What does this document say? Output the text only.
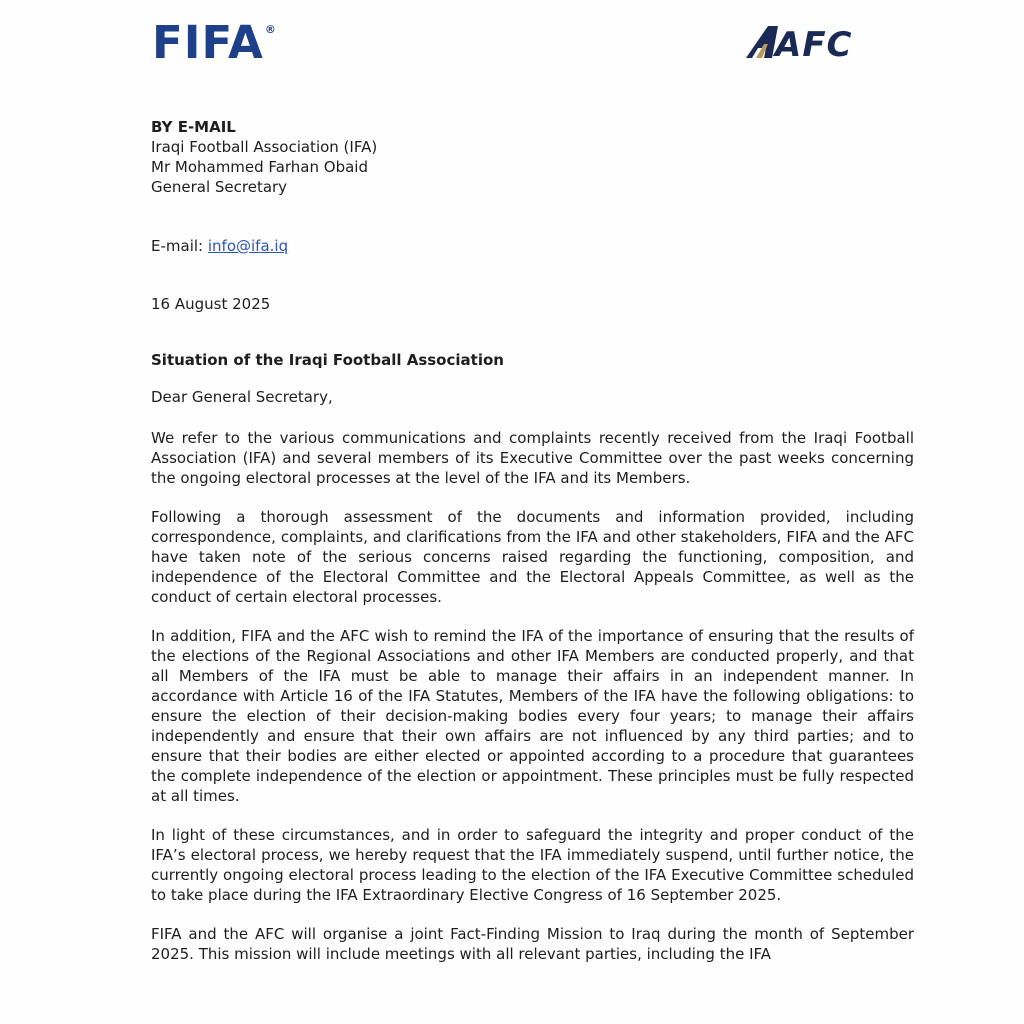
FIFA®	AFC
BY E-MAIL
Iraqi Football Association (IFA)
Mr Mohammed Farhan Obaid
General Secretary
E-mail: info@ifa.iq
16 August 2025
Situation of the Iraqi Football Association
Dear General Secretary,

We refer to the various communications and complaints recently received from the Iraqi Football Association (IFA) and several members of its Executive Committee over the past weeks concerning the ongoing electoral processes at the level of the IFA and its Members.

Following a thorough assessment of the documents and information provided, including correspondence, complaints, and clarifications from the IFA and other stakeholders, FIFA and the AFC have taken note of the serious concerns raised regarding the functioning, composition, and independence of the Electoral Committee and the Electoral Appeals Committee, as well as the conduct of certain electoral processes.

In addition, FIFA and the AFC wish to remind the IFA of the importance of ensuring that the results of the elections of the Regional Associations and other IFA Members are conducted properly, and that all Members of the IFA must be able to manage their affairs in an independent manner. In accordance with Article 16 of the IFA Statutes, Members of the IFA have the following obligations: to ensure the election of their decision-making bodies every four years; to manage their affairs independently and ensure that their own affairs are not influenced by any third parties; and to ensure that their bodies are either elected or appointed according to a procedure that guarantees the complete independence of the election or appointment. These principles must be fully respected at all times.

In light of these circumstances, and in order to safeguard the integrity and proper conduct of the IFA’s electoral process, we hereby request that the IFA immediately suspend, until further notice, the currently ongoing electoral process leading to the election of the IFA Executive Committee scheduled to take place during the IFA Extraordinary Elective Congress of 16 September 2025.

FIFA and the AFC will organise a joint Fact-Finding Mission to Iraq during the month of September 2025. This mission will include meetings with all relevant parties, including the IFA
